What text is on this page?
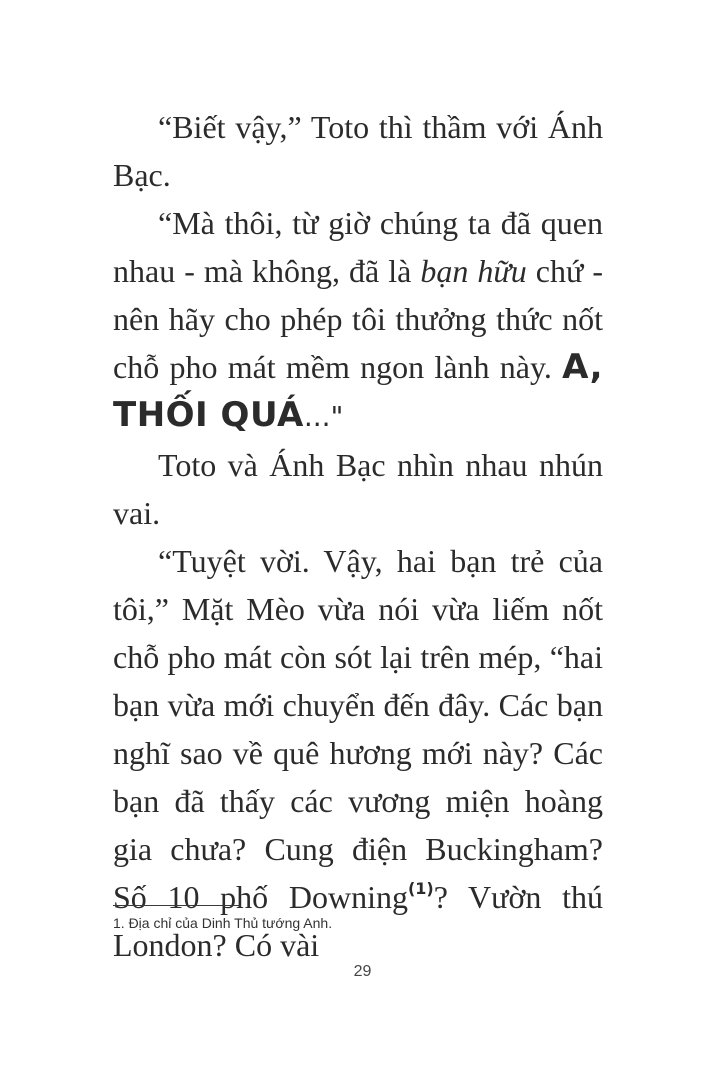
“Biết vậy,” Toto thì thầm với Ánh Bạc.

“Mà thôi, từ giờ chúng ta đã quen nhau - mà không, đã là bạn hữu chứ - nên hãy cho phép tôi thưởng thức nốt chỗ pho mát mềm ngon lành này. A, THỐI QUÁ..."

Toto và Ánh Bạc nhìn nhau nhún vai.

“Tuyệt vời. Vậy, hai bạn trẻ của tôi,” Mặt Mèo vừa nói vừa liếm nốt chỗ pho mát còn sót lại trên mép, “hai bạn vừa mới chuyển đến đây. Các bạn nghĩ sao về quê hương mới này? Các bạn đã thấy các vương miện hoàng gia chưa? Cung điện Buckingham? Số 10 phố Downing$^{(1)}$? Vườn thú London? Có vài

1. Địa chỉ của Dinh Thủ tướng Anh.
29
